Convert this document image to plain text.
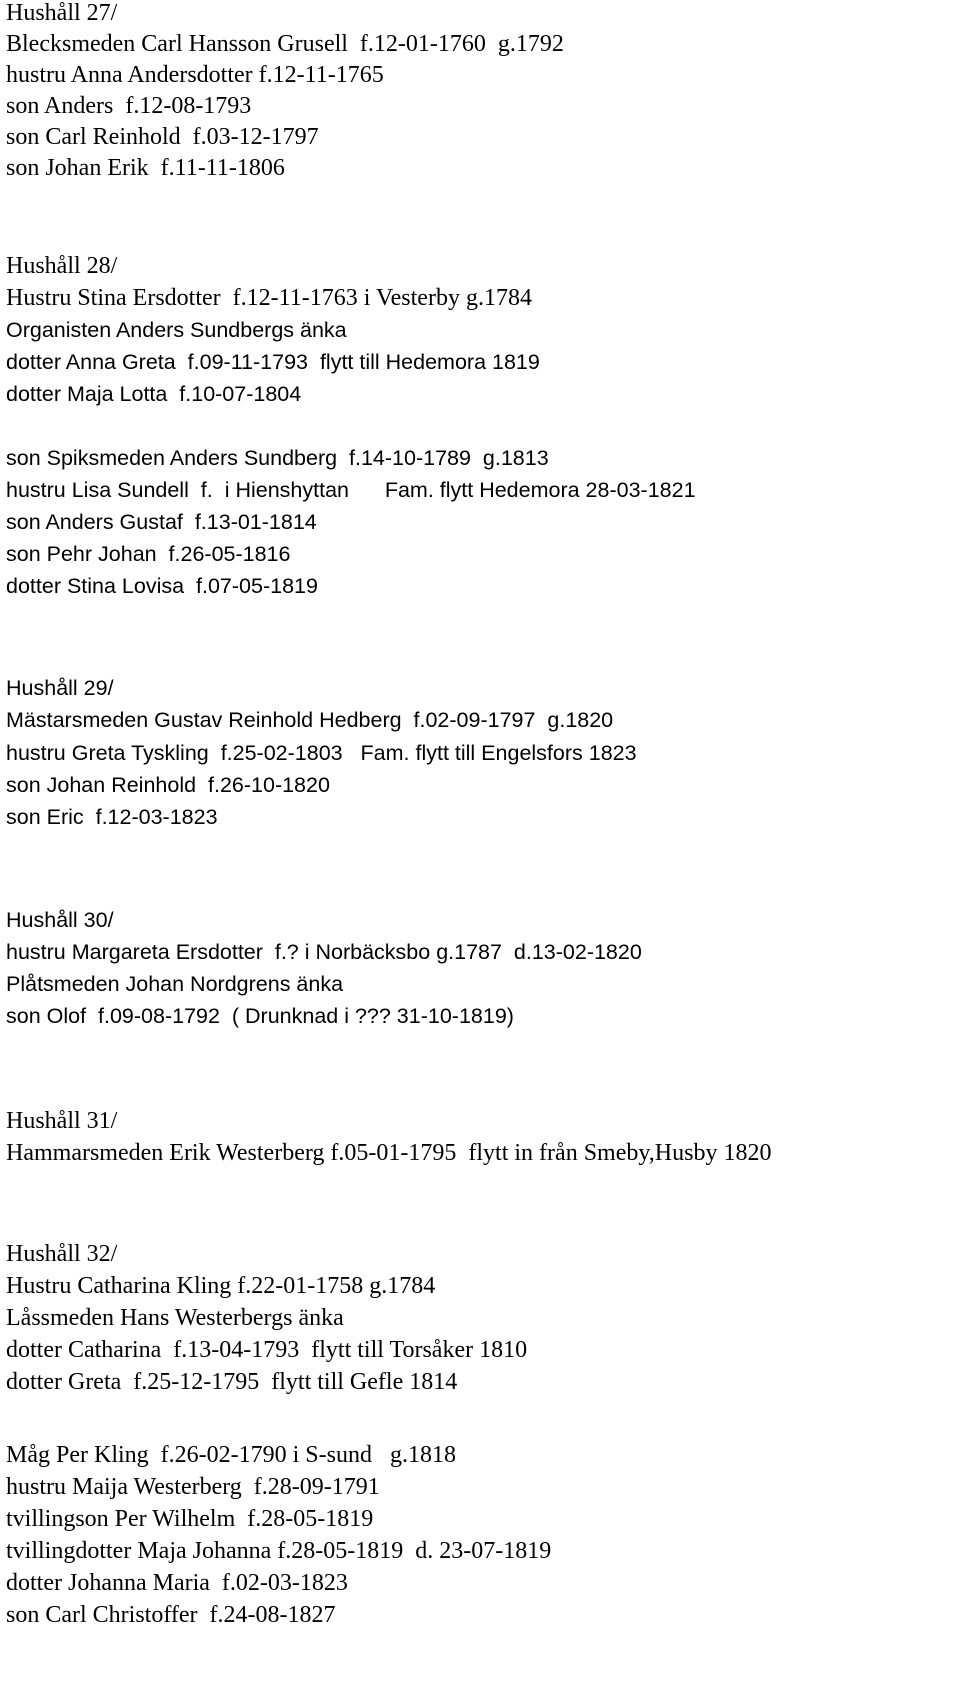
Hushåll 27/
Blecksmeden Carl Hansson Grusell  f.12-01-1760  g.1792
hustru Anna Andersdotter f.12-11-1765
son Anders  f.12-08-1793
son Carl Reinhold  f.03-12-1797
son Johan Erik  f.11-11-1806
Hushåll 28/
Hustru Stina Ersdotter  f.12-11-1763 i Vesterby g.1784
Organisten Anders Sundbergs änka
dotter Anna Greta  f.09-11-1793  flytt till Hedemora 1819
dotter Maja Lotta  f.10-07-1804
son Spiksmeden Anders Sundberg  f.14-10-1789  g.1813
hustru Lisa Sundell  f.  i Hienshyttan      Fam. flytt Hedemora 28-03-1821
son Anders Gustaf  f.13-01-1814
son Pehr Johan  f.26-05-1816
dotter Stina Lovisa  f.07-05-1819
Hushåll 29/
Mästarsmeden Gustav Reinhold Hedberg  f.02-09-1797  g.1820
hustru Greta Tyskling  f.25-02-1803   Fam. flytt till Engelsfors 1823
son Johan Reinhold  f.26-10-1820
son Eric  f.12-03-1823
Hushåll 30/
hustru Margareta Ersdotter  f.? i Norbäcksbo g.1787  d.13-02-1820
Plåtsmeden Johan Nordgrens änka
son Olof  f.09-08-1792  ( Drunknad i ??? 31-10-1819)
Hushåll 31/
Hammarsmeden Erik Westerberg f.05-01-1795  flytt in från Smeby,Husby 1820
Hushåll 32/
Hustru Catharina Kling f.22-01-1758 g.1784
Låssmeden Hans Westerbergs änka
dotter Catharina  f.13-04-1793  flytt till Torsåker 1810
dotter Greta  f.25-12-1795  flytt till Gefle 1814
Måg Per Kling  f.26-02-1790 i S-sund   g.1818
hustru Maija Westerberg  f.28-09-1791
tvillingson Per Wilhelm  f.28-05-1819
tvillingdotter Maja Johanna f.28-05-1819  d. 23-07-1819
dotter Johanna Maria  f.02-03-1823
son Carl Christoffer  f.24-08-1827
